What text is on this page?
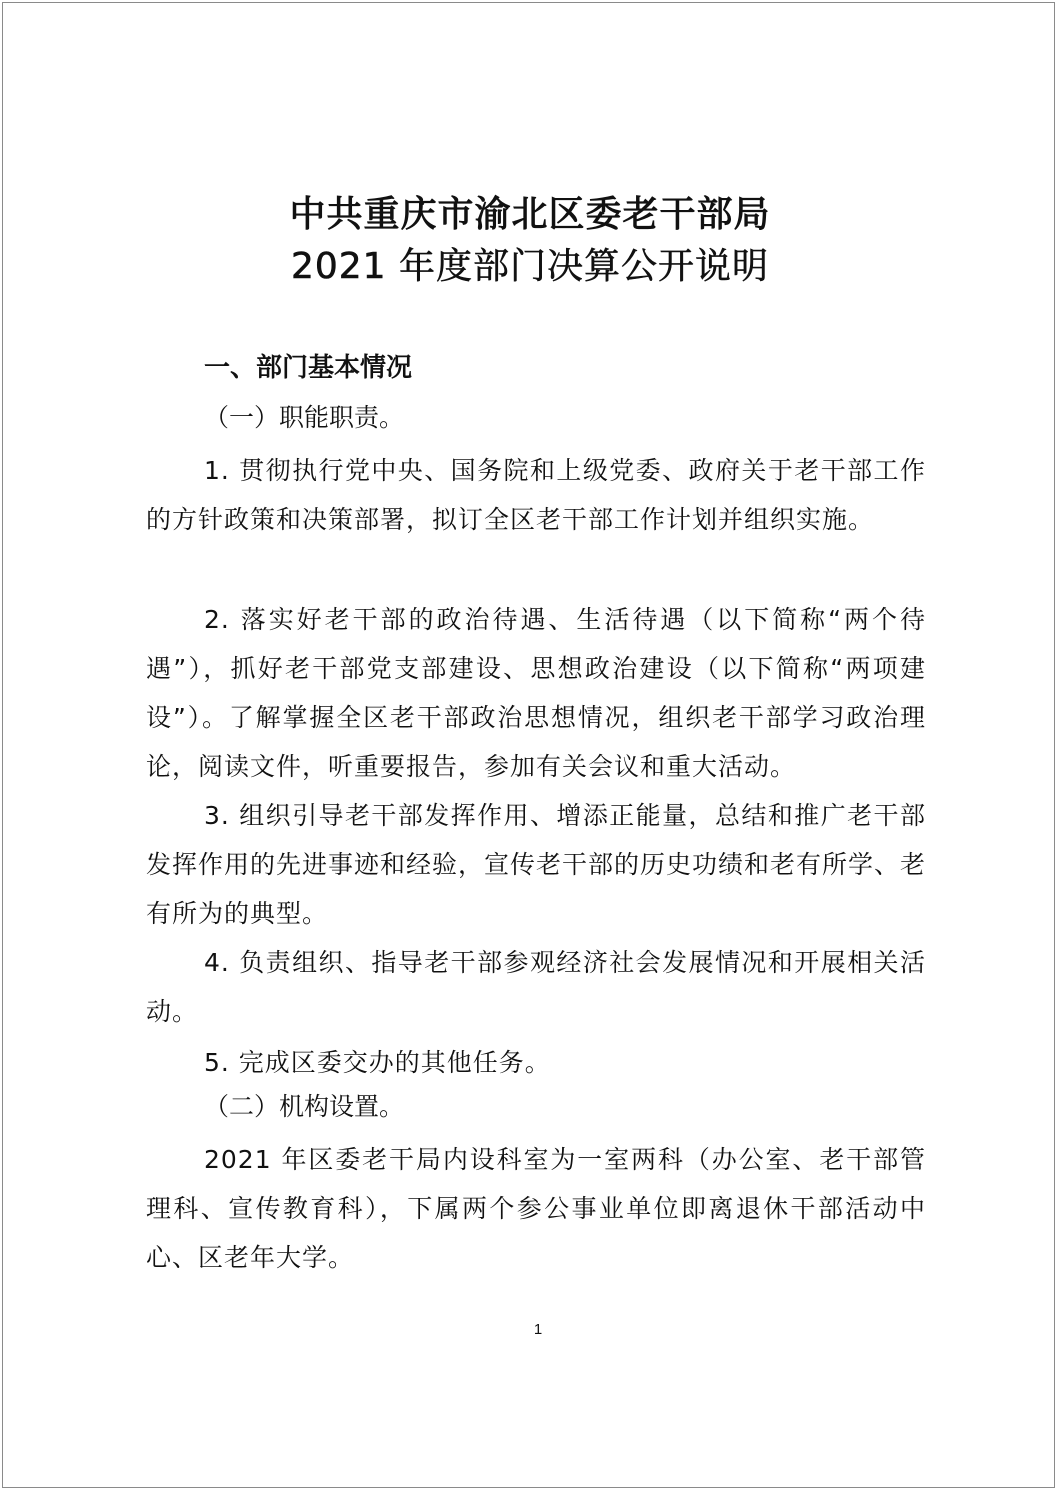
中共重庆市渝北区委老干部局
2021 年度部门决算公开说明
一、部门基本情况
（一）职能职责。
1. 贯彻执行党中央、国务院和上级党委、政府关于老干部工作的方针政策和决策部署，拟订全区老干部工作计划并组织实施。
2. 落实好老干部的政治待遇、生活待遇（以下简称“两个待遇”），抓好老干部党支部建设、思想政治建设（以下简称“两项建设”）。了解掌握全区老干部政治思想情况，组织老干部学习政治理论，阅读文件，听重要报告，参加有关会议和重大活动。
3. 组织引导老干部发挥作用、增添正能量，总结和推广老干部发挥作用的先进事迹和经验，宣传老干部的历史功绩和老有所学、老有所为的典型。
4. 负责组织、指导老干部参观经济社会发展情况和开展相关活动。
5. 完成区委交办的其他任务。
（二）机构设置。
2021 年区委老干局内设科室为一室两科（办公室、老干部管理科、宣传教育科），下属两个参公事业单位即离退休干部活动中心、区老年大学。
1
